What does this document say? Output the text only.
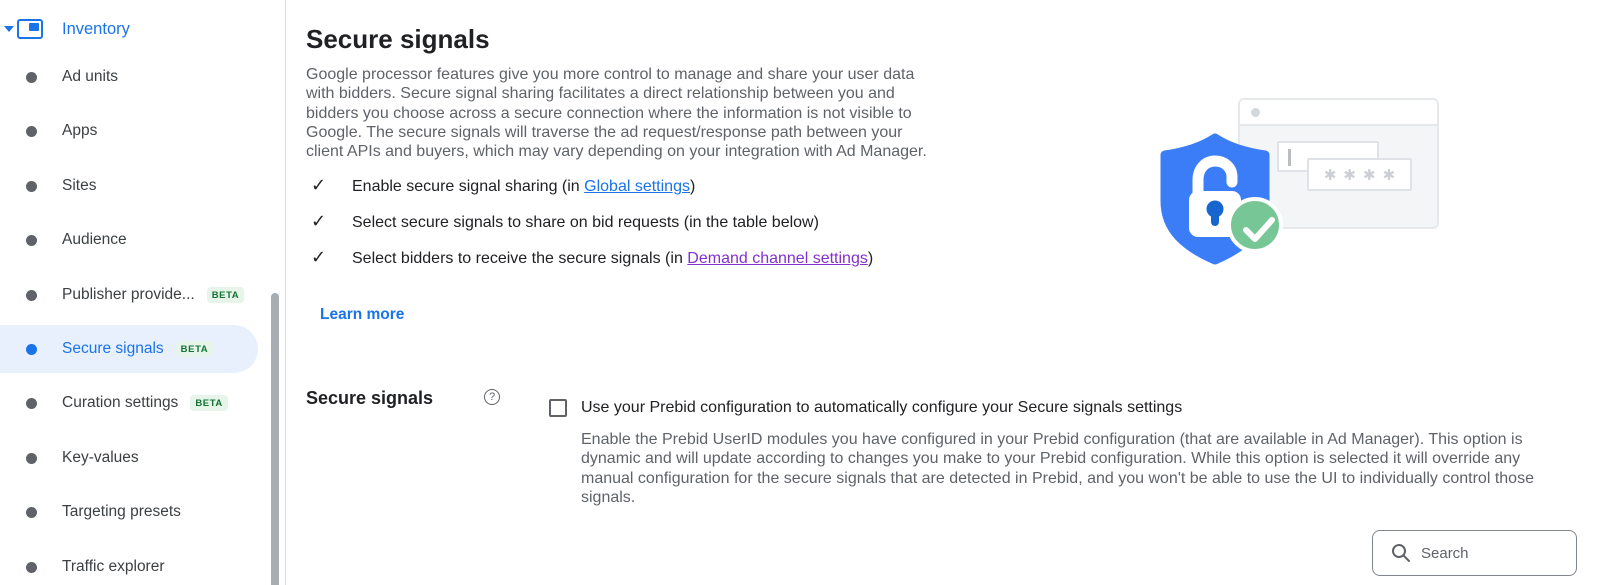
Inventory
Ad units
Apps
Sites
Audience
Publisher provide...	BETA
Secure signals	BETA
Curation settings	BETA
Key-values
Targeting presets
Traffic explorer
Secure signals
Google processor features give you more control to manage and share your user data
with bidders. Secure signal sharing facilitates a direct relationship between you and
bidders you choose across a secure connection where the information is not visible to
Google. The secure signals will traverse the ad request/response path between your
client APIs and buyers, which may vary depending on your integration with Ad Manager.
✓	Enable secure signal sharing (in Global settings)
✓	Select secure signals to share on bid requests (in the table below)
✓	Select bidders to receive the secure signals (in Demand channel settings)
Learn more
Secure signals	?
Use your Prebid configuration to automatically configure your Secure signals settings
Enable the Prebid UserID modules you have configured in your Prebid configuration (that are available in Ad Manager). This option is
dynamic and will update according to changes you make to your Prebid configuration. While this option is selected it will override any
manual configuration for the secure signals that are detected in Prebid, and you won't be able to use the UI to individually control those
signals.
Search
✱✱✱✱
